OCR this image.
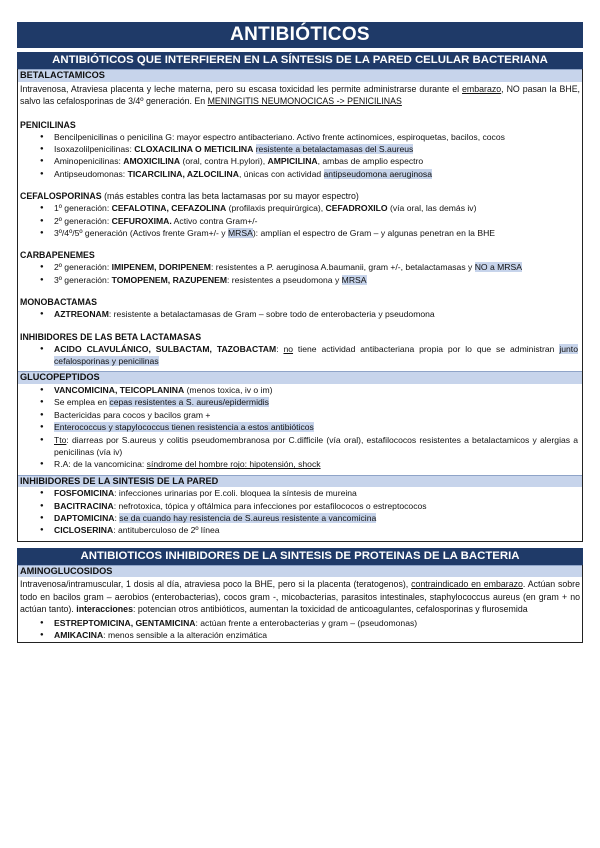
ANTIBIÓTICOS
ANTIBIÓTICOS QUE INTERFIEREN EN LA SÍNTESIS DE LA PARED CELULAR BACTERIANA
BETALACTAMICOS
Intravenosa, Atraviesa placenta y leche materna, pero su escasa toxicidad les permite administrarse durante el embarazo, NO pasan la BHE, salvo las cefalosporinas de 3/4º generación. En MENINGITIS NEUMONOCICAS -> PENICILINAS
PENICILINAS
● Bencilpenicilinas o penicilina G: mayor espectro antibacteriano. Activo frente actinomices, espiroquetas, bacilos, cocos
● Isoxazolilpenicilinas: CLOXACILINA O METICILINA resistente a betalactamasas del S.aureus
● Aminopenicilinas: AMOXICILINA (oral, contra H.pylori), AMPICILINA, ambas de amplio espectro
● Antipseudomonas: TICARCILINA, AZLOCILINA, únicas con actividad antipseudomona aeruginosa
CEFALOSPORINAS (más estables contra las beta lactamasas por su mayor espectro)
● 1º generación: CEFALOTINA, CEFAZOLINA (profilaxis prequirúrgica), CEFADROXILO (vía oral, las demás iv)
● 2º generación: CEFUROXIMA. Activo contra Gram+/-
● 3º/4º/5º generación (Activos frente Gram+/- y MRSA): amplían el espectro de Gram – y algunas penetran en la BHE
CARBAPENEMES
● 2º generación: IMIPENEM, DORIPENEM: resistentes a P. aeruginosa A.baumanii, gram +/-, betalactamasas y NO a MRSA
● 3º generación: TOMOPENEM, RAZUPENEM: resistentes a pseudomona y MRSA
MONOBACTAMAS
● AZTREONAM: resistente a betalactamasas de Gram – sobre todo de enterobacteria y pseudomona
INHIBIDORES DE LAS BETA LACTAMASAS
● ACIDO CLAVULÁNICO, SULBACTAM, TAZOBACTAM: no tiene actividad antibacteriana propia por lo que se administran junto cefalosporinas y penicilinas
GLUCOPEPTIDOS
● VANCOMICINA, TEICOPLANINA (menos toxica, iv o im)
● Se emplea en cepas resistentes a S. aureus/epidermidis
● Bactericidas para cocos y bacilos gram +
● Enterococcus y stapylococcus tienen resistencia a estos antibióticos
● Tto: diarreas por S.aureus y colitis pseudomembranosa por C.difficile (vía oral), estafilococos resistentes a betalactamicos y alergias a penicilinas (vía iv)
● R.A: de la vancomicina: síndrome del hombre rojo: hipotensión, shock
INHIBIDORES DE LA SINTESIS DE LA PARED
● FOSFOMICINA: infecciones urinarias por E.coli. bloquea la síntesis de mureina
● BACITRACINA: nefrotoxica, tópica y oftálmica para infecciones por estafilococos o estreptococos
● DAPTOMICINA: se da cuando hay resistencia de S.aureus resistente a vancomicina
● CICLOSERINA: antituberculoso de 2º línea
ANTIBIOTICOS INHIBIDORES DE LA SINTESIS DE PROTEINAS DE LA BACTERIA
AMINOGLUCOSIDOS
Intravenosa/intramuscular, 1 dosis al día, atraviesa poco la BHE, pero si la placenta (teratogenos), contraindicado en embarazo. Actúan sobre todo en bacilos gram – aerobios (enterobacterias), cocos gram -, micobacterias, parasitos intestinales, staphylococcus aureus (en gram + no actúan tanto). interacciones: potencian otros antibióticos, aumentan la toxicidad de anticoagulantes, cefalosporinas y flurosemida
● ESTREPTOMICINA, GENTAMICINA: actúan frente a enterobacterias y gram – (pseudomonas)
● AMIKACINA: menos sensible a la alteración enzimática
